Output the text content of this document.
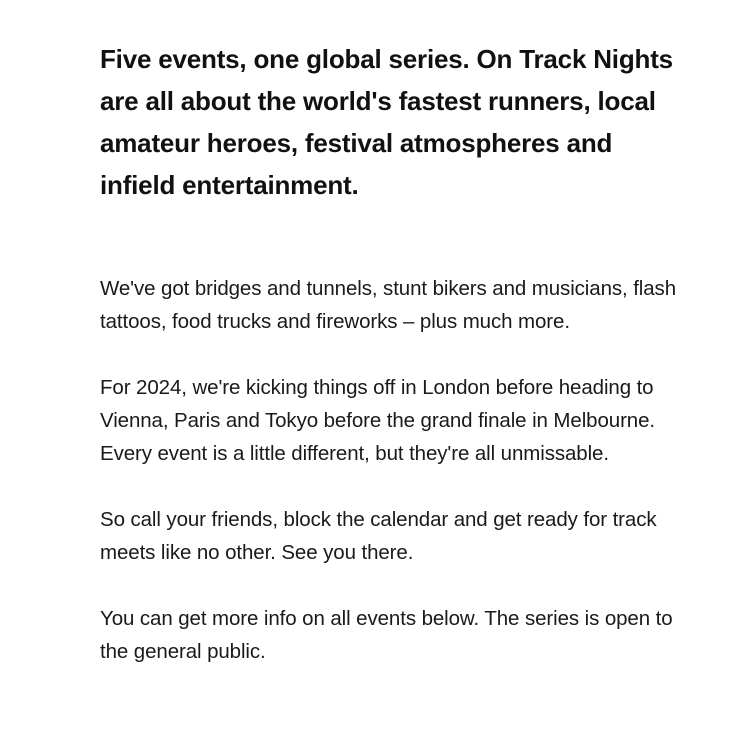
Five events, one global series. On Track Nights are all about the world's fastest runners, local amateur heroes, festival atmospheres and infield entertainment.

We've got bridges and tunnels, stunt bikers and musicians, flash tattoos, food trucks and fireworks – plus much more.

For 2024, we're kicking things off in London before heading to Vienna, Paris and Tokyo before the grand finale in Melbourne. Every event is a little different, but they're all unmissable.

So call your friends, block the calendar and get ready for track meets like no other. See you there.

You can get more info on all events below. The series is open to the general public.
